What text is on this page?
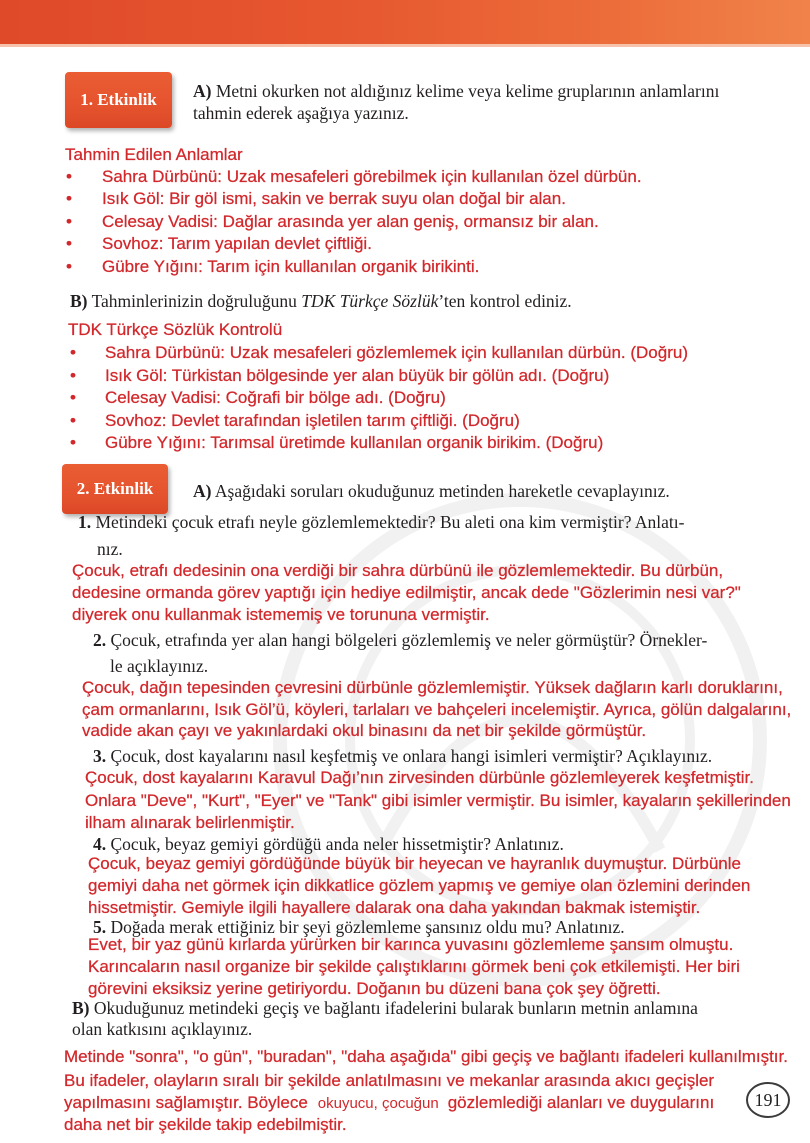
1. Etkinlik A) Metni okurken not aldığınız kelime veya kelime gruplarının anlamlarını
tahmin ederek aşağıya yazınız.
Tahmin Edilen Anlamlar
•Sahra Dürbünü: Uzak mesafeleri görebilmek için kullanılan özel dürbün.
•Isık Göl: Bir göl ismi, sakin ve berrak suyu olan doğal bir alan.
•Celesay Vadisi: Dağlar arasında yer alan geniş, ormansız bir alan.
•Sovhoz: Tarım yapılan devlet çiftliği.
•Gübre Yığını: Tarım için kullanılan organik birikinti.
B) Tahminlerinizin doğruluğunu TDK Türkçe Sözlük’ten kontrol ediniz.
TDK Türkçe Sözlük Kontrolü
•Sahra Dürbünü: Uzak mesafeleri gözlemlemek için kullanılan dürbün. (Doğru)
•Isık Göl: Türkistan bölgesinde yer alan büyük bir gölün adı. (Doğru)
•Celesay Vadisi: Coğrafi bir bölge adı. (Doğru)
•Sovhoz: Devlet tarafından işletilen tarım çiftliği. (Doğru)
•Gübre Yığını: Tarımsal üretimde kullanılan organik birikim. (Doğru)
2. Etkinlik A) Aşağıdaki soruları okuduğunuz metinden hareketle cevaplayınız.
1. Metindeki çocuk etrafı neyle gözlemlemektedir? Bu aleti ona kim vermiştir? Anlatı-
nız.
Çocuk, etrafı dedesinin ona verdiği bir sahra dürbünü ile gözlemlemektedir. Bu dürbün,
dedesine ormanda görev yaptığı için hediye edilmiştir, ancak dede "Gözlerimin nesi var?"
diyerek onu kullanmak istememiş ve torununa vermiştir.
2. Çocuk, etrafında yer alan hangi bölgeleri gözlemlemiş ve neler görmüştür? Örnekler-
le açıklayınız.
Çocuk, dağın tepesinden çevresini dürbünle gözlemlemiştir. Yüksek dağların karlı doruklarını,
çam ormanlarını, Isık Göl’ü, köyleri, tarlaları ve bahçeleri incelemiştir. Ayrıca, gölün dalgalarını,
vadide akan çayı ve yakınlardaki okul binasını da net bir şekilde görmüştür.
3. Çocuk, dost kayalarını nasıl keşfetmiş ve onlara hangi isimleri vermiştir? Açıklayınız.
Çocuk, dost kayalarını Karavul Dağı’nın zirvesinden dürbünle gözlemleyerek keşfetmiştir.
Onlara "Deve", "Kurt", "Eyer" ve "Tank" gibi isimler vermiştir. Bu isimler, kayaların şekillerinden
ilham alınarak belirlenmiştir.
4. Çocuk, beyaz gemiyi gördüğü anda neler hissetmiştir? Anlatınız.
Çocuk, beyaz gemiyi gördüğünde büyük bir heyecan ve hayranlık duymuştur. Dürbünle
gemiyi daha net görmek için dikkatlice gözlem yapmış ve gemiye olan özlemini derinden
hissetmiştir. Gemiyle ilgili hayallere dalarak ona daha yakından bakmak istemiştir.
5. Doğada merak ettiğiniz bir şeyi gözlemleme şansınız oldu mu? Anlatınız.
Evet, bir yaz günü kırlarda yürürken bir karınca yuvasını gözlemleme şansım olmuştu.
Karıncaların nasıl organize bir şekilde çalıştıklarını görmek beni çok etkilemişti. Her biri
görevini eksiksiz yerine getiriyordu. Doğanın bu düzeni bana çok şey öğretti.
B) Okuduğunuz metindeki geçiş ve bağlantı ifadelerini bularak bunların metnin anlamına
olan katkısını açıklayınız.
Metinde "sonra", "o gün", "buradan", "daha aşağıda" gibi geçiş ve bağlantı ifadeleri kullanılmıştır.
Bu ifadeler, olayların sıralı bir şekilde anlatılmasını ve mekanlar arasında akıcı geçişler
yapılmasını sağlamıştır. Böylece okuyucu, çocuğun gözlemlediği alanları ve duygularını
daha net bir şekilde takip edebilmiştir.
191
